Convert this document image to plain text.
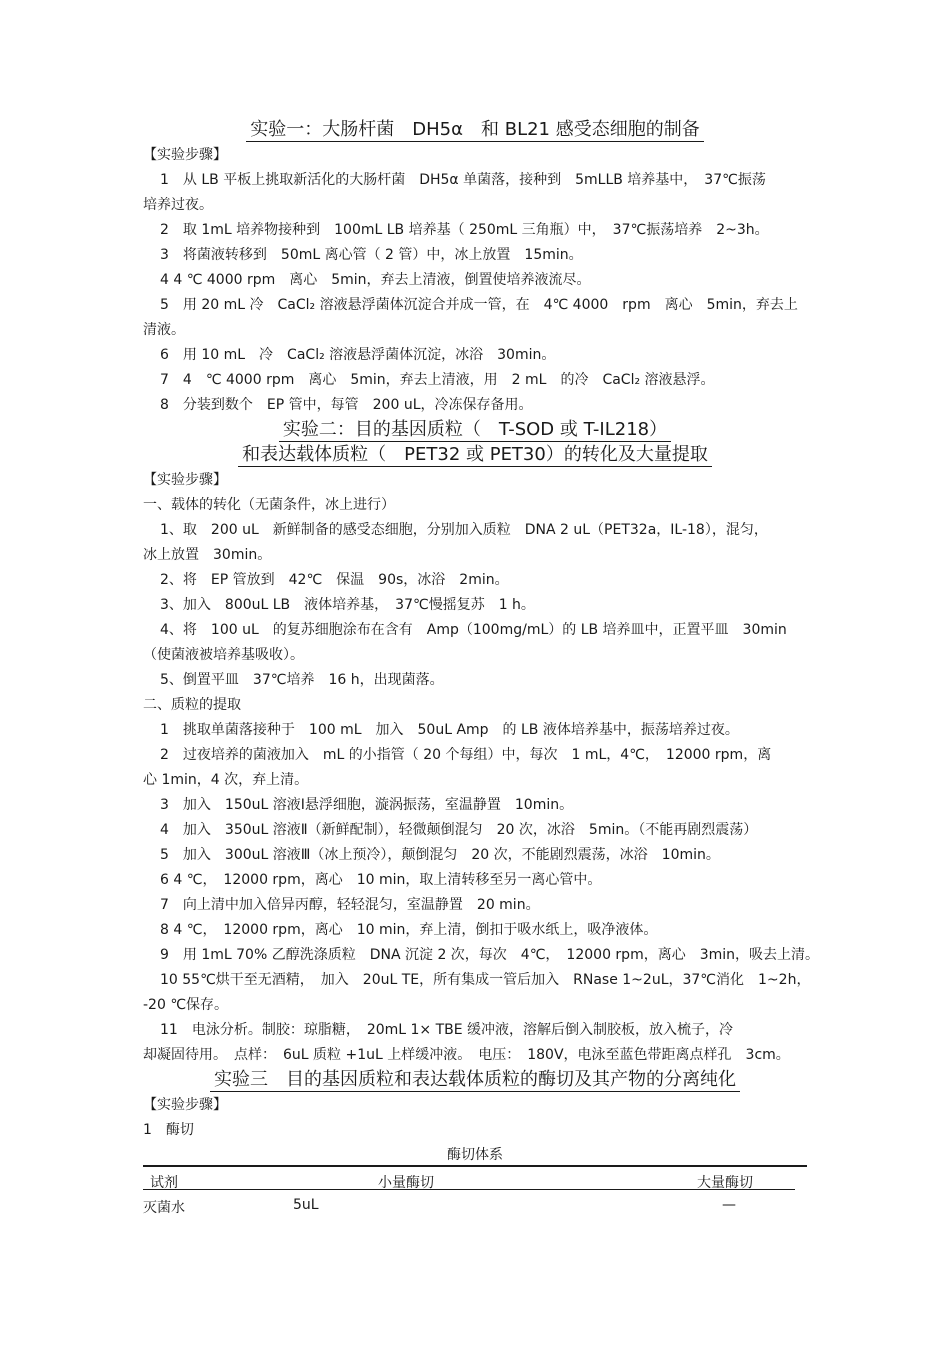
实验一：大肠杆菌　DH5α　和 BL21 感受态细胞的制备
【实验步骤】
1　从 LB 平板上挑取新活化的大肠杆菌　DH5α 单菌落，接种到　5mLLB 培养基中，　37℃振荡
培养过夜。
2　取 1mL 培养物接种到　100mL LB 培养基（ 250mL 三角瓶）中，　37℃振荡培养　2~3h。
3　将菌液转移到　50mL 离心管（ 2 管）中，冰上放置　15min。
4 4 ℃ 4000 rpm　离心　5min，弃去上清液，倒置使培养液流尽。
5　用 20 mL 冷　CaCl₂ 溶液悬浮菌体沉淀合并成一管，在　4℃ 4000　rpm　离心　5min，弃去上
清液。
6　用 10 mL　冷　CaCl₂ 溶液悬浮菌体沉淀，冰浴　30min。
7　4　℃ 4000 rpm　离心　5min，弃去上清液，用　2 mL　的冷　CaCl₂ 溶液悬浮。
8　分装到数个　EP 管中，每管　200 uL，冷冻保存备用。
实验二：目的基因质粒（　T-SOD 或 T-IL218）
和表达载体质粒（　PET32 或 PET30）的转化及大量提取
【实验步骤】
一、载体的转化（无菌条件，冰上进行）
1、取　200 uL　新鲜制备的感受态细胞，分别加入质粒　DNA 2 uL（PET32a，IL-18），混匀，
冰上放置　30min。
2、将　EP 管放到　42℃　保温　90s，冰浴　2min。
3、加入　800uL LB　液体培养基，　37℃慢摇复苏　1 h。
4、将　100 uL　的复苏细胞涂布在含有　Amp（100mg/mL）的 LB 培养皿中，正置平皿　30min
（使菌液被培养基吸收）。
5、倒置平皿　37℃培养　16 h，出现菌落。
二、质粒的提取
1　挑取单菌落接种于　100 mL　加入　50uL Amp　的 LB 液体培养基中，振荡培养过夜。
2　过夜培养的菌液加入　mL 的小指管（ 20 个每组）中，每次　1 mL，4℃，　12000 rpm，离
心 1min，4 次，弃上清。
3　加入　150uL 溶液Ⅰ悬浮细胞，漩涡振荡，室温静置　10min。
4　加入　350uL 溶液Ⅱ（新鲜配制），轻微颠倒混匀　20 次，冰浴　5min。（不能再剧烈震荡）
5　加入　300uL 溶液Ⅲ（冰上预冷），颠倒混匀　20 次，不能剧烈震荡，冰浴　10min。
6 4 ℃，　12000 rpm，离心　10 min，取上清转移至另一离心管中。
7　向上清中加入倍异丙醇，轻轻混匀，室温静置　20 min。
8 4 ℃，　12000 rpm，离心　10 min，弃上清，倒扣于吸水纸上，吸净液体。
9　用 1mL 70% 乙醇洗涤质粒　DNA 沉淀 2 次，每次　4℃，　12000 rpm，离心　3min，吸去上清。
10 55℃烘干至无酒精，　加入　20uL TE，所有集成一管后加入　RNase 1~2uL，37℃消化　1~2h，
-20 ℃保存。
11　电泳分析。制胶：琼脂糖，　20mL 1× TBE 缓冲液，溶解后倒入制胶板，放入梳子，冷
却凝固待用。　点样：　6uL 质粒 +1uL 上样缓冲液。　电压：　180V，电泳至蓝色带距离点样孔　3cm。
实验三　目的基因质粒和表达载体质粒的酶切及其产物的分离纯化
【实验步骤】
1　酶切
酶切体系
试剂	小量酶切	大量酶切
灭菌水	5uL	—
